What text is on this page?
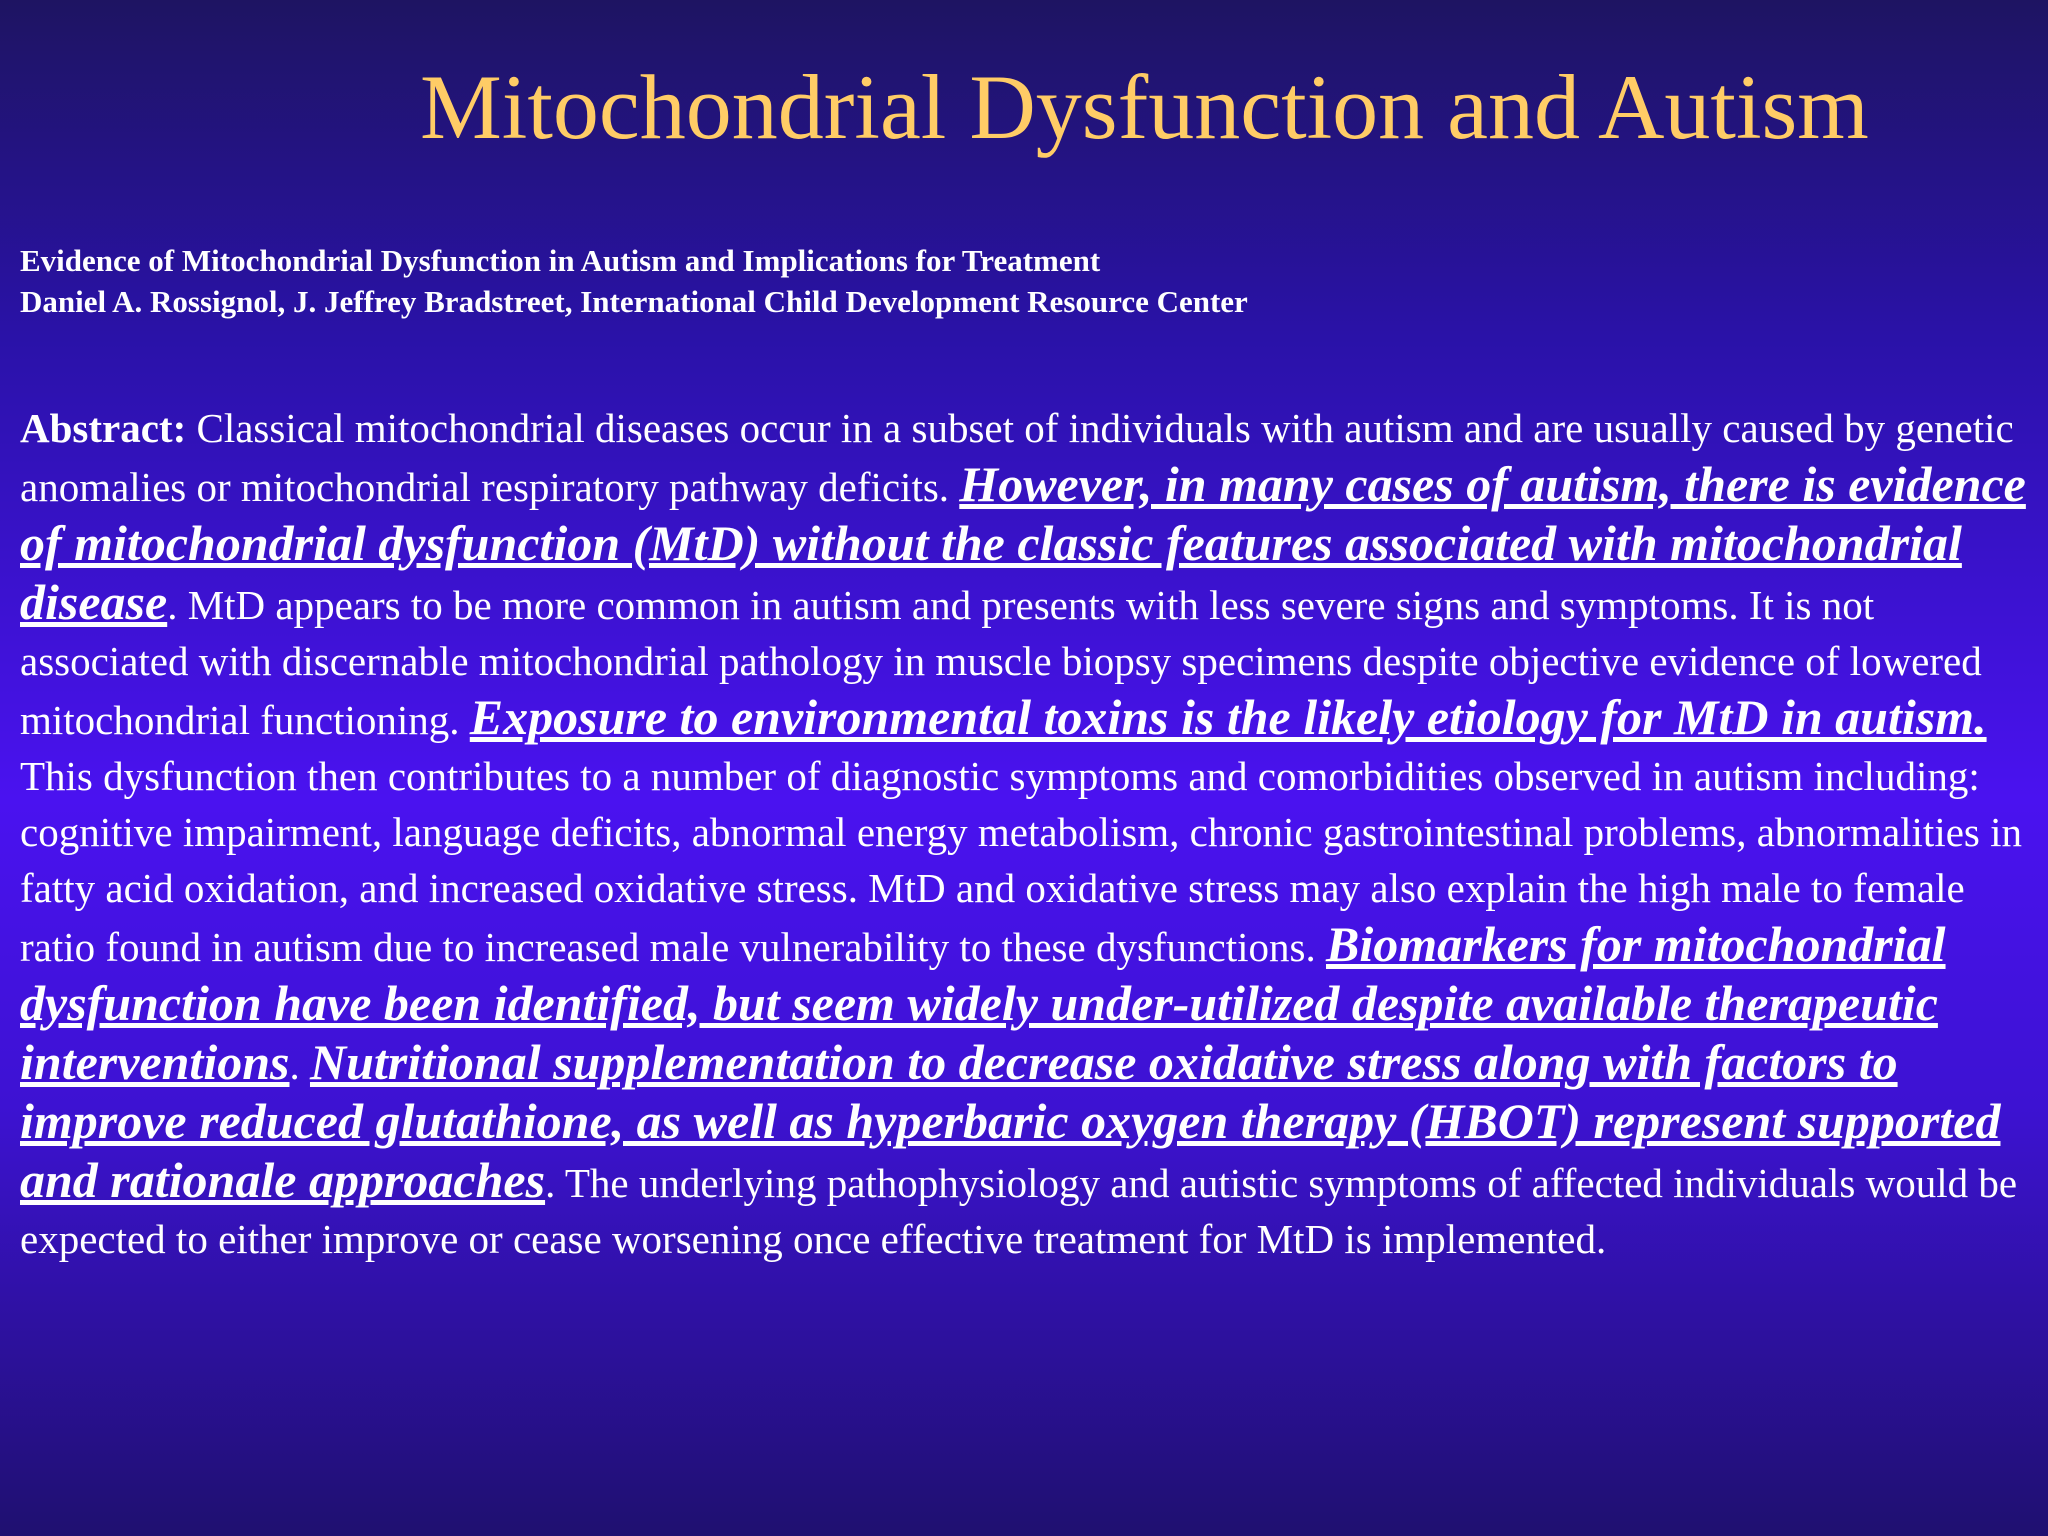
Mitochondrial Dysfunction and Autism
Evidence of Mitochondrial Dysfunction in Autism and Implications for Treatment
Daniel A. Rossignol, J. Jeffrey Bradstreet, International Child Development Resource Center
Abstract: Classical mitochondrial diseases occur in a subset of individuals with autism and are usually caused by genetic anomalies or mitochondrial respiratory pathway deficits. However, in many cases of autism, there is evidence of mitochondrial dysfunction (MtD) without the classic features associated with mitochondrial disease. MtD appears to be more common in autism and presents with less severe signs and symptoms. It is not associated with discernable mitochondrial pathology in muscle biopsy specimens despite objective evidence of lowered mitochondrial functioning. Exposure to environmental toxins is the likely etiology for MtD in autism. This dysfunction then contributes to a number of diagnostic symptoms and comorbidities observed in autism including: cognitive impairment, language deficits, abnormal energy metabolism, chronic gastrointestinal problems, abnormalities in fatty acid oxidation, and increased oxidative stress. MtD and oxidative stress may also explain the high male to female ratio found in autism due to increased male vulnerability to these dysfunctions. Biomarkers for mitochondrial dysfunction have been identified, but seem widely under-utilized despite available therapeutic interventions. Nutritional supplementation to decrease oxidative stress along with factors to improve reduced glutathione, as well as hyperbaric oxygen therapy (HBOT) represent supported and rationale approaches. The underlying pathophysiology and autistic symptoms of affected individuals would be expected to either improve or cease worsening once effective treatment for MtD is implemented.
